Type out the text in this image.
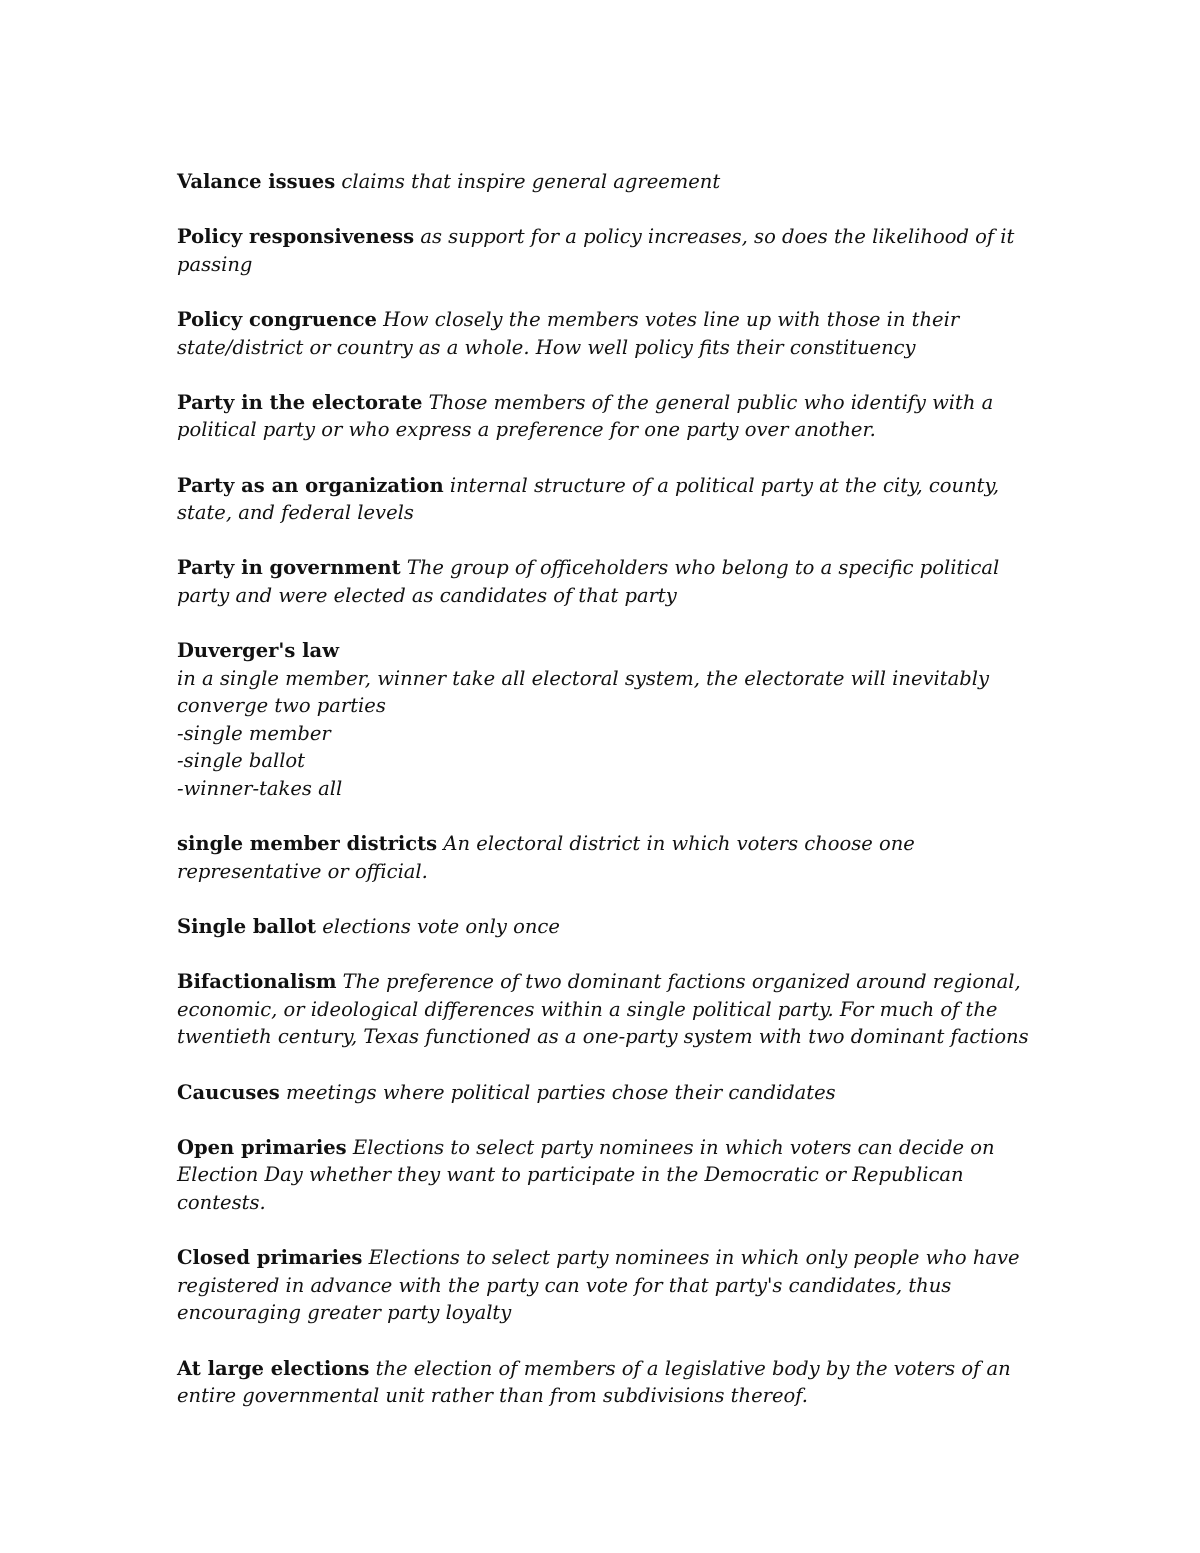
Valance issues claims that inspire general agreement

Policy responsiveness as support for a policy increases, so does the likelihood of it passing

Policy congruence How closely the members votes line up with those in their state/district or country as a whole. How well policy fits their constituency

Party in the electorate Those members of the general public who identify with a political party or who express a preference for one party over another.

Party as an organization internal structure of a political party at the city, county, state, and federal levels

Party in government The group of officeholders who belong to a specific political party and were elected as candidates of that party

Duverger's law
in a single member, winner take all electoral system, the electorate will inevitably converge two parties
-single member
-single ballot
-winner-takes all

single member districts An electoral district in which voters choose one representative or official.

Single ballot elections vote only once

Bifactionalism The preference of two dominant factions organized around regional, economic, or ideological differences within a single political party. For much of the twentieth century, Texas functioned as a one-party system with two dominant factions

Caucuses meetings where political parties chose their candidates

Open primaries Elections to select party nominees in which voters can decide on Election Day whether they want to participate in the Democratic or Republican contests.

Closed primaries Elections to select party nominees in which only people who have registered in advance with the party can vote for that party's candidates, thus encouraging greater party loyalty

At large elections the election of members of a legislative body by the voters of an entire governmental unit rather than from subdivisions thereof.
